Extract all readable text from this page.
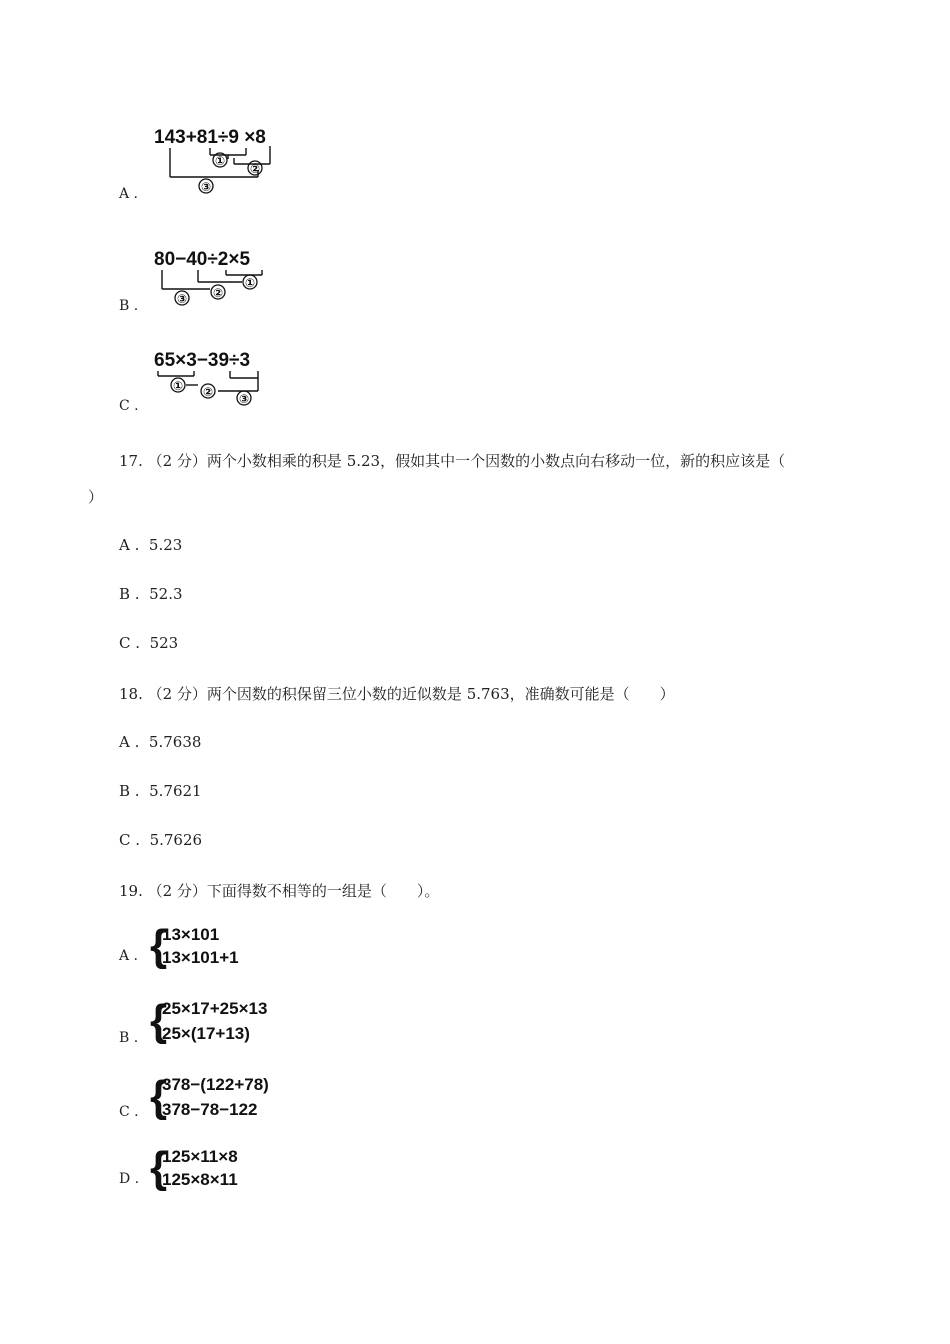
A .
143+81÷9 ×8
①
②
③
B .
80−40÷2×5
①
②
③
C .
65×3−39÷3
① ② ③
17. （2 分）两个小数相乘的积是 5.23，假如其中一个因数的小数点向右移动一位，新的积应该是（
）
A . 5.23
B . 52.3
C . 523
18. （2 分）两个因数的积保留三位小数的近似数是 5.763，准确数可能是（　　）
A . 5.7638
B . 5.7621
C . 5.7626
19. （2 分）下面得数不相等的一组是（　　）。
A . {
13×101
13×101+1
B . {
25×17+25×13
25×(17+13)
C . {
378−(122+78)
378−78−122
D . {
125×11×8
125×8×11
